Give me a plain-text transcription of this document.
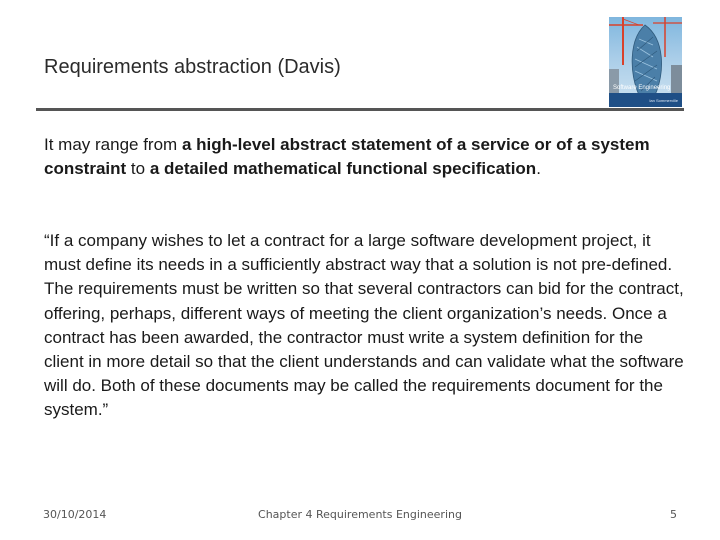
Requirements abstraction (Davis)
Software Engineering
Ian Sommerville
It may range from a high-level abstract statement of a service or of a system constraint to a detailed mathematical functional specification.
“If a company wishes to let a contract for a large software development project, it must define its needs in a sufficiently abstract way that a solution is not pre-defined. The requirements must be written so that several contractors can bid for the contract, offering, perhaps, different ways of meeting the client organization’s needs. Once a contract has been awarded, the contractor must write a system definition for the client in more detail so that the client understands and can validate what the software will do. Both of these documents may be called the requirements document for the system.”
30/10/2014	Chapter 4 Requirements Engineering	5
